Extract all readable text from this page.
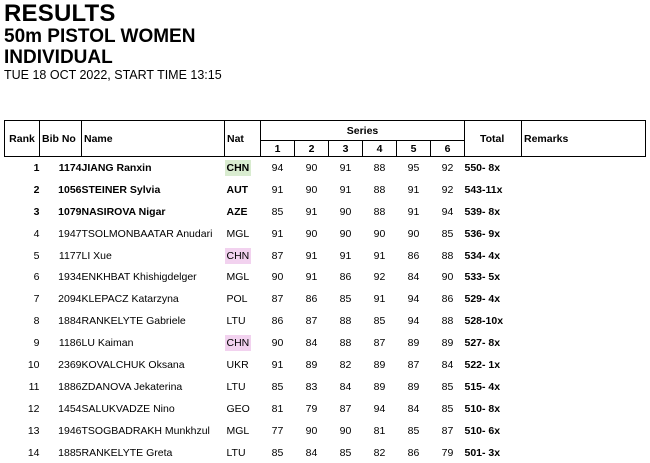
RESULTS
50m PISTOL WOMEN
INDIVIDUAL
TUE 18 OCT 2022, START TIME 13:15
Rank	Bib No	Name	Nat	Series						Total	Remarks
				1	2	3	4	5	6		
1	1174	JIANG Ranxin	CHN	94	90	91	88	95	92	550- 8x	
2	1056	STEINER Sylvia	AUT	91	90	91	88	91	92	543-11x	
3	1079	NASIROVA Nigar	AZE	85	91	90	88	91	94	539- 8x	
4	1947	TSOLMONBAATAR Anudari	MGL	91	90	90	90	90	85	536- 9x	
5	1177	LI Xue	CHN	87	91	91	91	86	88	534- 4x	
6	1934	ENKHBAT Khishigdelger	MGL	90	91	86	92	84	90	533- 5x	
7	2094	KLEPACZ Katarzyna	POL	87	86	85	91	94	86	529- 4x	
8	1884	RANKELYTE Gabriele	LTU	86	87	88	85	94	88	528-10x	
9	1186	LU Kaiman	CHN	90	84	88	87	89	89	527- 8x	
10	2369	KOVALCHUK Oksana	UKR	91	89	82	89	87	84	522- 1x	
11	1886	ZDANOVA Jekaterina	LTU	85	83	84	89	89	85	515- 4x	
12	1454	SALUKVADZE Nino	GEO	81	79	87	94	84	85	510- 8x	
13	1946	TSOGBADRAKH Munkhzul	MGL	77	90	90	81	85	87	510- 6x	
14	1885	RANKELYTE Greta	LTU	85	84	85	82	86	79	501- 3x	
